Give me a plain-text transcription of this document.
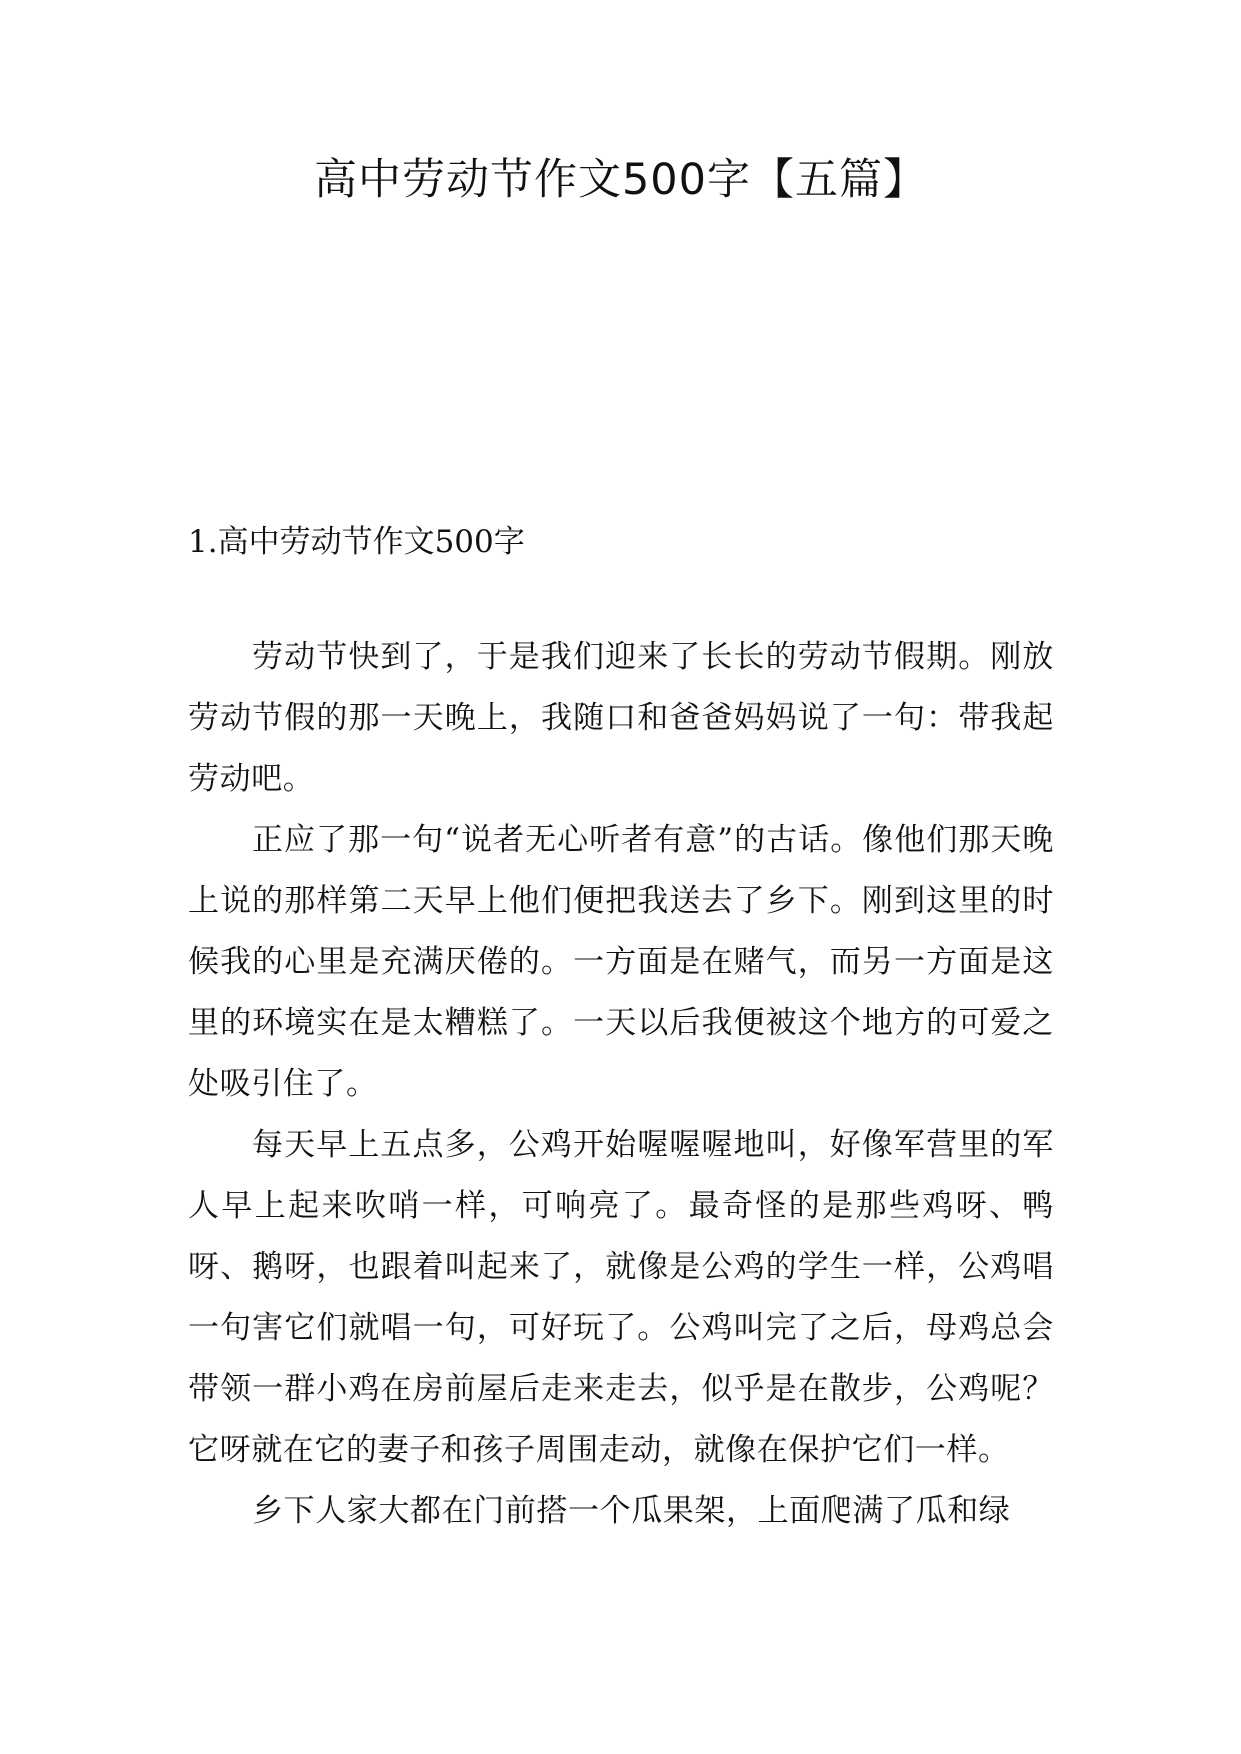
高中劳动节作文500字【五篇】
1.高中劳动节作文500字

劳动节快到了，于是我们迎来了长长的劳动节假期。刚放劳动节假的那一天晚上，我随口和爸爸妈妈说了一句：带我起劳动吧。

正应了那一句“说者无心听者有意”的古话。像他们那天晚上说的那样第二天早上他们便把我送去了乡下。刚到这里的时候我的心里是充满厌倦的。一方面是在赌气，而另一方面是这里的环境实在是太糟糕了。一天以后我便被这个地方的可爱之处吸引住了。

每天早上五点多，公鸡开始喔喔喔地叫，好像军营里的军人早上起来吹哨一样，可响亮了。最奇怪的是那些鸡呀、鸭呀、鹅呀，也跟着叫起来了，就像是公鸡的学生一样，公鸡唱一句害它们就唱一句，可好玩了。公鸡叫完了之后，母鸡总会带领一群小鸡在房前屋后走来走去，似乎是在散步，公鸡呢？它呀就在它的妻子和孩子周围走动，就像在保护它们一样。

乡下人家大都在门前搭一个瓜果架，上面爬满了瓜和绿
